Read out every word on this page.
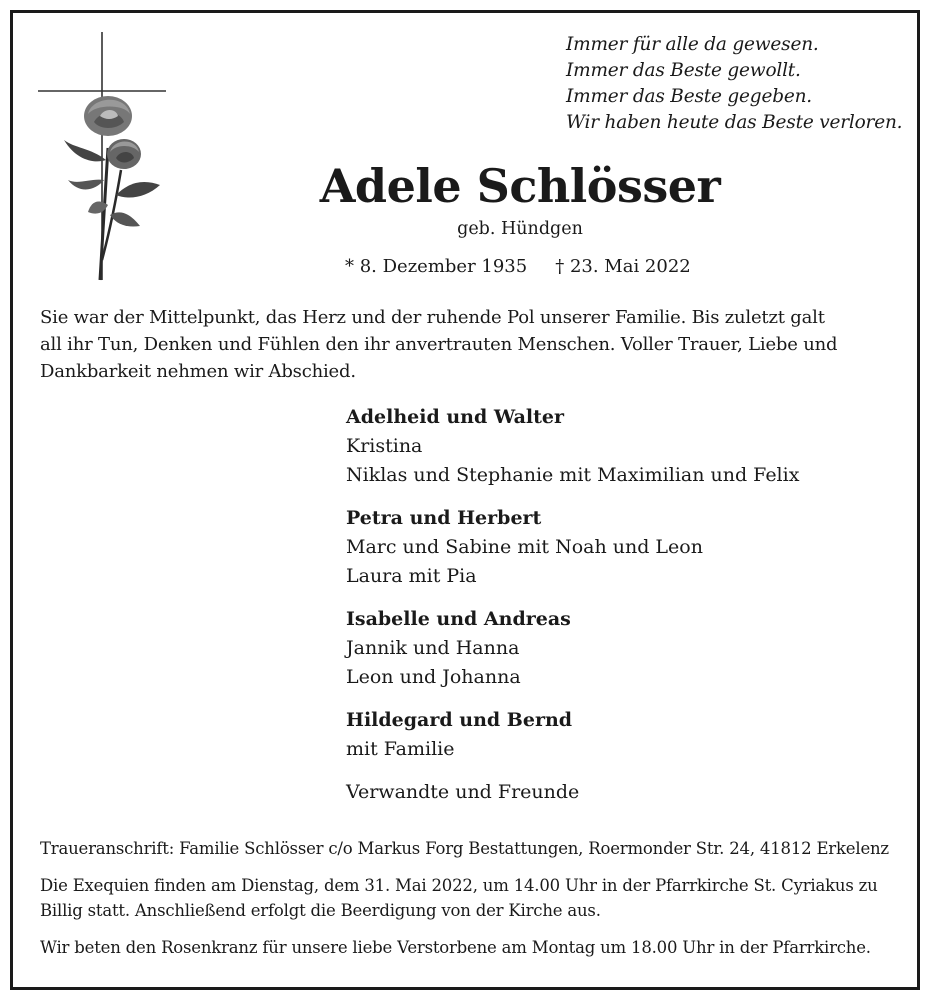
Immer für alle da gewesen.
Immer das Beste gewollt.
Immer das Beste gegeben.
Wir haben heute das Beste verloren.
Adele Schlösser
geb. Hündgen
* 8. Dezember 1935 † 23. Mai 2022
Sie war der Mittelpunkt, das Herz und der ruhende Pol unserer Familie. Bis zuletzt galt
all ihr Tun, Denken und Fühlen den ihr anvertrauten Menschen. Voller Trauer, Liebe und
Dankbarkeit nehmen wir Abschied.
Adelheid und Walter
Kristina
Niklas und Stephanie mit Maximilian und Felix
Petra und Herbert
Marc und Sabine mit Noah und Leon
Laura mit Pia
Isabelle und Andreas
Jannik und Hanna
Leon und Johanna
Hildegard und Bernd
mit Familie
Verwandte und Freunde

Traueranschrift: Familie Schlösser c/o Markus Forg Bestattungen, Roermonder Str. 24, 41812 Erkelenz

Die Exequien finden am Dienstag, dem 31. Mai 2022, um 14.00 Uhr in der Pfarrkirche St. Cyriakus zu
Billig statt. Anschließend erfolgt die Beerdigung von der Kirche aus.

Wir beten den Rosenkranz für unsere liebe Verstorbene am Montag um 18.00 Uhr in der Pfarrkirche.
